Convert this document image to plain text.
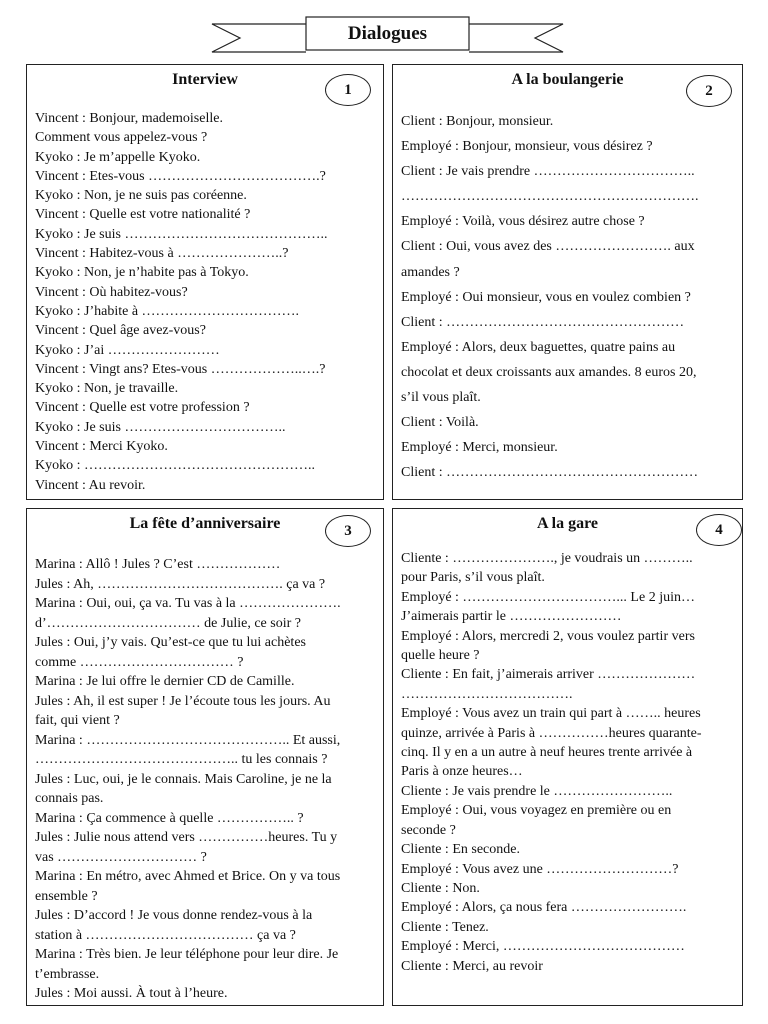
Dialogues
Interview
1
Vincent : Bonjour, mademoiselle.
Comment vous appelez-vous ?
Kyoko : Je m’appelle Kyoko.
Vincent : Etes-vous ……………………………….?
Kyoko : Non, je ne suis pas coréenne.
Vincent : Quelle est votre nationalité ?
Kyoko : Je suis ……………………………………..
Vincent : Habitez-vous à …………………..?
Kyoko : Non, je n’habite pas à Tokyo.
Vincent : Où habitez-vous?
Kyoko : J’habite à …………………………….
Vincent : Quel âge avez-vous?
Kyoko : J’ai ……………………
Vincent : Vingt ans? Etes-vous ………………..….?
Kyoko : Non, je travaille.
Vincent : Quelle est votre profession ?
Kyoko : Je suis ……………………………..
Vincent : Merci Kyoko.
Kyoko : …………………………………………..
Vincent : Au revoir.
A la boulangerie
2
Client : Bonjour, monsieur.
Employé : Bonjour, monsieur, vous désirez ?
Client : Je vais prendre ……………………………..
……………………………………………………….
Employé : Voilà, vous désirez autre chose ?
Client : Oui, vous avez des ……………………. aux
amandes ?
Employé : Oui monsieur, vous en voulez combien ?
Client : ……………………………………………
Employé : Alors, deux baguettes, quatre pains au
chocolat et deux croissants aux amandes. 8 euros 20,
s’il vous plaît.
Client : Voilà.
Employé : Merci, monsieur.
Client : ………………………………………………
La fête d’anniversaire	3
Marina : Allô ! Jules ? C’est ………………
Jules : Ah, …………………………………. ça va ?
Marina : Oui, oui, ça va. Tu vas à la ………………….
d’…………………………… de Julie, ce soir ?
Jules : Oui, j’y vais. Qu’est-ce que tu lui achètes
comme …………………………… ?
Marina : Je lui offre le dernier CD de Camille.
Jules : Ah, il est super ! Je l’écoute tous les jours. Au
fait, qui vient ?
Marina : …………………………………….. Et aussi,
…………………………………….. tu les connais ?
Jules : Luc, oui, je le connais. Mais Caroline, je ne la
connais pas.
Marina : Ça commence à quelle …………….. ?
Jules : Julie nous attend vers ……………heures. Tu y
vas ………………………… ?
Marina : En métro, avec Ahmed et Brice. On y va tous
ensemble ?
Jules : D’accord ! Je vous donne rendez-vous à la
station à ……………………………… ça va ?
Marina : Très bien. Je leur téléphone pour leur dire. Je
t’embrasse.
Jules : Moi aussi. À tout à l’heure.
A la gare	4
Cliente : …………………., je voudrais un ………..
pour Paris, s’il vous plaît.
Employé : ……………………………... Le 2 juin…
J’aimerais partir le ……………………
Employé : Alors, mercredi 2, vous voulez partir vers
quelle heure ?
Cliente : En fait, j’aimerais arriver …………………
……………………………….
Employé : Vous avez un train qui part à …….. heures
quinze, arrivée à Paris à ……………heures quarante-
cinq. Il y en a un autre à neuf heures trente arrivée à
Paris à onze heures…
Cliente : Je vais prendre le ……………………..
Employé : Oui, vous voyagez en première ou en
seconde ?
Cliente : En seconde.
Employé : Vous avez une ………………………?
Cliente : Non.
Employé : Alors, ça nous fera …………………….
Cliente : Tenez.
Employé : Merci, …………………………………
Cliente : Merci, au revoir
